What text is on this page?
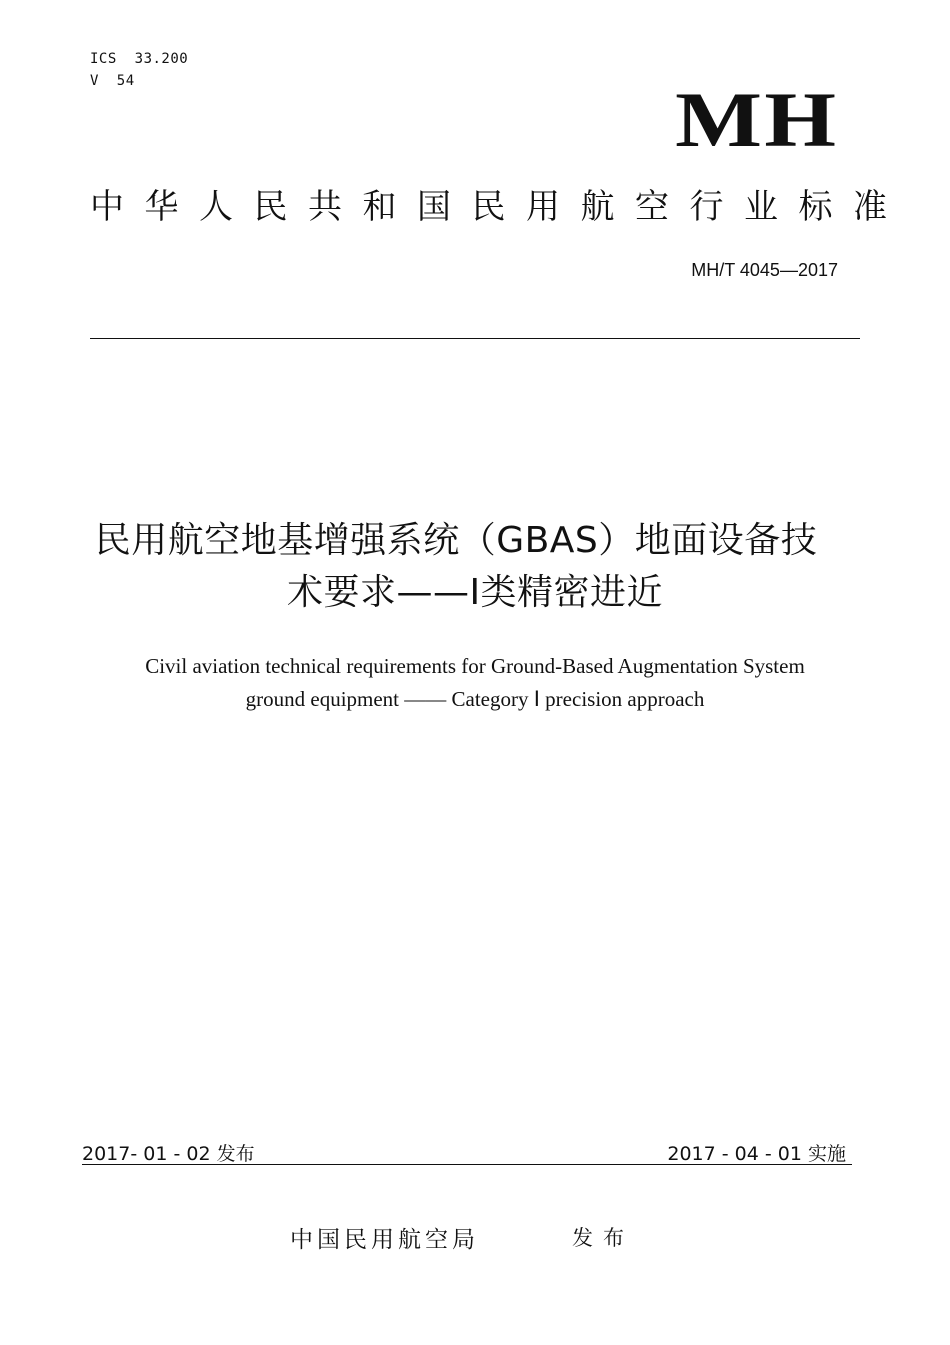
ICS  33.200
V  54	MH
中华人民共和国民用航空行业标准
MH/T 4045—2017
民用航空地基增强系统（GBAS）地面设备技
术要求——Ⅰ类精密进近
Civil aviation technical requirements for Ground-Based Augmentation System
ground equipment —— Category Ⅰ precision approach
2017- 01 - 02 发布	2017 - 04 - 01 实施
中国民用航空局	发布
